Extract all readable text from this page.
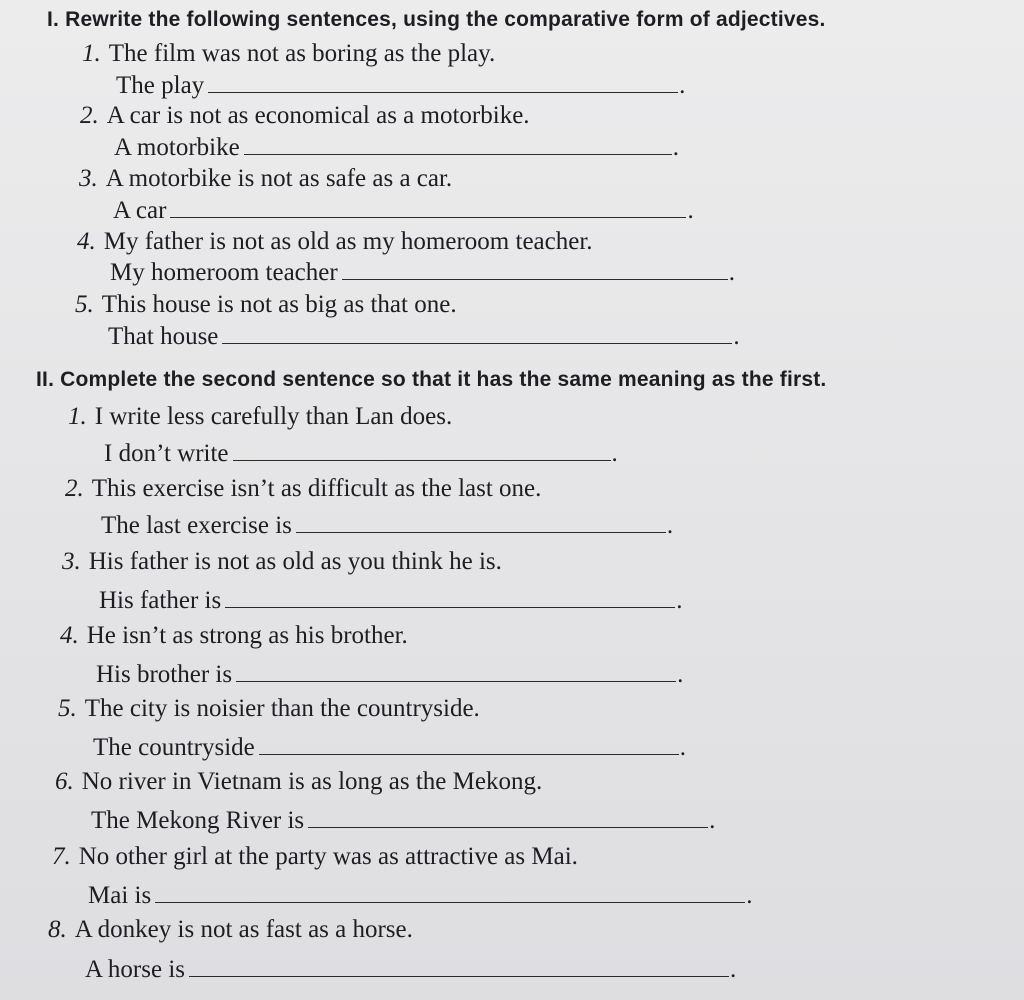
I. Rewrite the following sentences, using the comparative form of adjectives.
1. The film was not as boring as the play.
The play	.
2. A car is not as economical as a motorbike.
A motorbike	.
3. A motorbike is not as safe as a car.
A car	.
4. My father is not as old as my homeroom teacher.
My homeroom teacher	.
5. This house is not as big as that one.
That house	.
II. Complete the second sentence so that it has the same meaning as the first.
1. I write less carefully than Lan does.
I don’t write	.
2. This exercise isn’t as difficult as the last one.
The last exercise is	.
3. His father is not as old as you think he is.
His father is	.
4. He isn’t as strong as his brother.
His brother is	.
5. The city is noisier than the countryside.
The countryside	.
6. No river in Vietnam is as long as the Mekong.
The Mekong River is	.
7. No other girl at the party was as attractive as Mai.
Mai is	.
8. A donkey is not as fast as a horse.
A horse is	.
